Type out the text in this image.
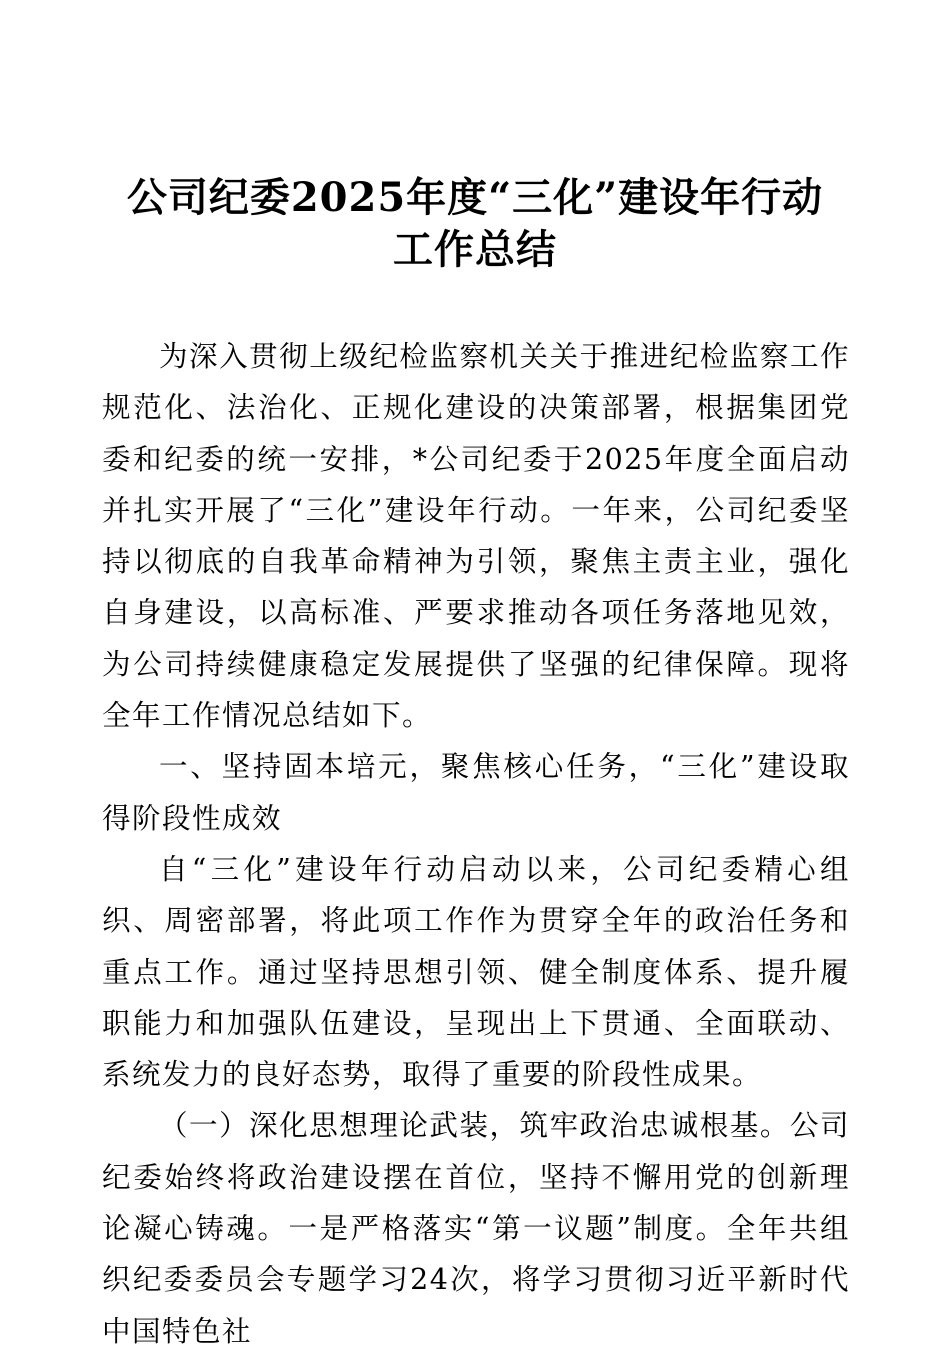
公司纪委2025年度“三化”建设年行动
工作总结

为深入贯彻上级纪检监察机关关于推进纪检监察工作规范化、法治化、正规化建设的决策部署，根据集团党委和纪委的统一安排，*公司纪委于2025年度全面启动并扎实开展了“三化”建设年行动。一年来，公司纪委坚持以彻底的自我革命精神为引领，聚焦主责主业，强化自身建设，以高标准、严要求推动各项任务落地见效，为公司持续健康稳定发展提供了坚强的纪律保障。现将全年工作情况总结如下。

一、坚持固本培元，聚焦核心任务，“三化”建设取得阶段性成效

自“三化”建设年行动启动以来，公司纪委精心组织、周密部署，将此项工作作为贯穿全年的政治任务和重点工作。通过坚持思想引领、健全制度体系、提升履职能力和加强队伍建设，呈现出上下贯通、全面联动、系统发力的良好态势，取得了重要的阶段性成果。

（一）深化思想理论武装，筑牢政治忠诚根基。公司纪委始终将政治建设摆在首位，坚持不懈用党的创新理论凝心铸魂。一是严格落实“第一议题”制度。全年共组织纪委委员会专题学习24次，将学习贯彻习近平新时代中国特色社
